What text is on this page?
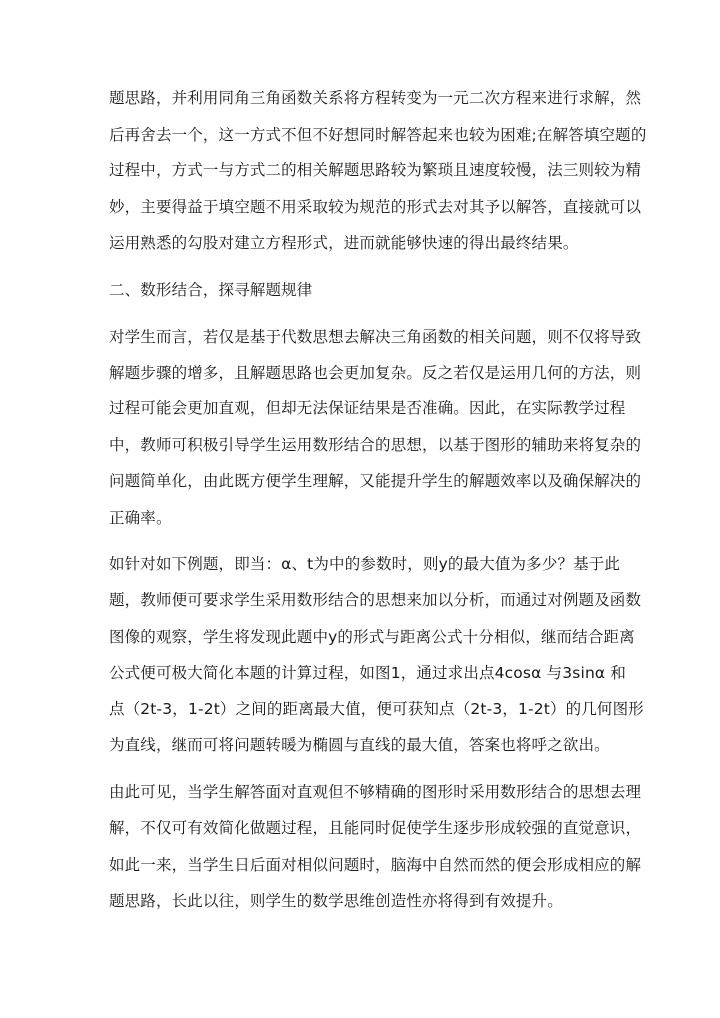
题思路，并利用同角三角函数关系将方程转变为一元二次方程来进行求解，然
后再舍去一个，这一方式不但不好想同时解答起来也较为困难;在解答填空题的
过程中，方式一与方式二的相关解题思路较为繁琐且速度较慢，法三则较为精
妙，主要得益于填空题不用采取较为规范的形式去对其予以解答，直接就可以
运用熟悉的勾股对建立方程形式，进而就能够快速的得出最终结果。
二、数形结合，探寻解题规律
对学生而言，若仅是基于代数思想去解决三角函数的相关问题，则不仅将导致
解题步骤的增多，且解题思路也会更加复杂。反之若仅是运用几何的方法，则
过程可能会更加直观，但却无法保证结果是否准确。因此，在实际教学过程
中，教师可积极引导学生运用数形结合的思想，以基于图形的辅助来将复杂的
问题简单化，由此既方便学生理解，又能提升学生的解题效率以及确保解决的
正确率。
如针对如下例题，即当：α、t为中的参数时，则y的最大值为多少？基于此
题，教师便可要求学生采用数形结合的思想来加以分析，而通过对例题及函数
图像的观察，学生将发现此题中y的形式与距离公式十分相似，继而结合距离
公式便可极大简化本题的计算过程，如图1，通过求出点4cosα 与3sinα 和
点（2t-3，1-2t）之间的距离最大值，便可获知点（2t-3，1-2t）的几何图形
为直线，继而可将问题转暖为椭圆与直线的最大值，答案也将呼之欲出。
由此可见，当学生解答面对直观但不够精确的图形时采用数形结合的思想去理
解，不仅可有效简化做题过程，且能同时促使学生逐步形成较强的直觉意识，
如此一来，当学生日后面对相似问题时，脑海中自然而然的便会形成相应的解
题思路，长此以往，则学生的数学思维创造性亦将得到有效提升。
